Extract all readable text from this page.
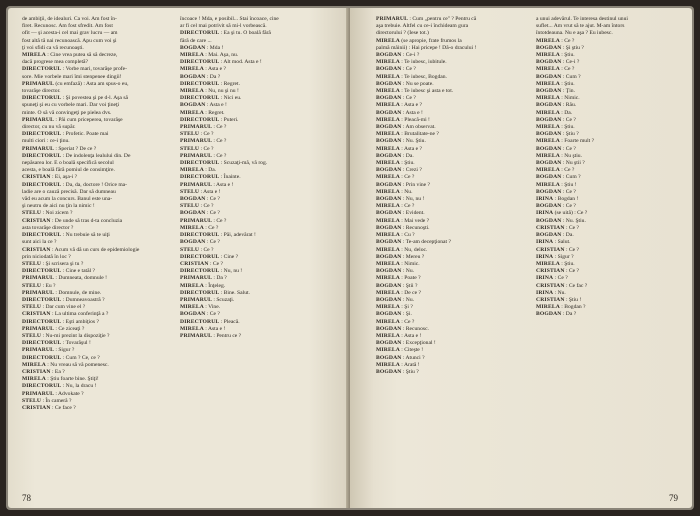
de ambiţii, de idealuri. Ca voi. Am fost în-

firet. Recunosc. Am fost sfredit. Am fost

ofit — şi acesta-i cel mai grav lucru — am

fost altă tă nai recunoască. Apu cum voi şi

ţi voi sfidi ca vă recunoaşti.

MIRELA : Cine vrea putea să să decreze,

dacă progrese mea completă?

DIRECTORUL : Vorbe mari, tovarăşe profe-

sore. Mie vorbele mari îmi stenpenee dingii!

PRIMARUL (cu emfază) : Asta am spus-o eu,

tovarăşe director.

DIRECTORUL : Şi povestea şi pe d-l. Aşa să

spuneţi şi eu cu vorbele mari. Dar voi ţineţi

minte. O să vă convingeţi pe pielea dvs.

PRIMARUL : Păi cum priceperea, tovarăşe

director, cu nu vă supăr.

DIRECTORUL : Profetic. Poate mai

multi ciori : ce-i ţinu.

PRIMARUL : Speriat ? De ce ?

DIRECTORUL : De indolenţa lealului din. De

nepăsarea lor. E o boală specifică secolul

acesta, e boală fără pomiul de consimţire.

CRISTIAN : Ei, aşa-i ?

DIRECTORUL : Da, da, doctore ! Orice ma-

ladie are o cauză precisă. Dar să dumneau

văd eu acum la concurs. Banul este una-

şi neutru de aici nu ţin la nimic !

STELU : Noi zicem ?

CRISTIAN : De unde să tras d-ta concluzia

asta tovarăşe director ?

DIRECTORUL : Nu trebuie să te uiţi

sunt aici la ce ?

CRISTIAN : Acum vă dă un curs de epidemiologie

prin niciodată în loc ?

STELU : Şi scrisera şi tu ?

DIRECTORUL : Cine e tatăl ?

PRIMARUL : Dumneata, domnule !

STELU : Eu ?

PRIMARUL : Domnule, de mine.

DIRECTORUL : Dumneavoastră ?

STELU : Dar cum vine el ?

CRISTIAN : La ultima conferinţă a ?

DIRECTORUL : Eşti ambiţios ?

PRIMARUL : Ce ziceaţi ?

STELU : Nu-mi prezint la dispoziţie ?

DIRECTORUL : Tovarăşul !

PRIMARUL : Sigur ?

DIRECTORUL : Cum ? Ce, ce ?

MIRELA : Nu vreau să vă pomenesc.

CRISTIAN : Ea ?

MIRELA : Ştiu foarte bine. Ştiţi!

DIRECTORUL : Nu, la dracu !

PRIMARUL : Advokate ?

STELU : În cameră ?

CRISTIAN : Ce face ?

încoace ! Mda, e posibil... Stai încoace, cine

ar fi cel mai potrivit să mi-l vorbească.

DIRECTORUL : Ea şi tu. O boală fără

fără de care ...

BOGDAN : Mda !

MIRELA : Mai. Aşa, nu.

DIRECTORUL : Alt mod. Asta e !

MIRELA : Asta e ?

BOGDAN : Da ?

DIRECTORUL : Regret.

MIRELA : Nu, nu şi nu !

DIRECTORUL : Nici eu.

BOGDAN : Asta e !

MIRELA : Regret.

DIRECTORUL : Puteri.

PRIMARUL : Ce ?

STELU : Ce ?

PRIMARUL : Ce ?

STELU : Ce ?

PRIMARUL : Ce ?

DIRECTORUL : Scuzaţi-mă, vă rog.

MIRELA : Da.

DIRECTORUL : Înainte.

PRIMARUL : Asta e !

STELU : Asta e !

BOGDAN : Ce ?

STELU : Ce ?

BOGDAN : Ce ?

PRIMARUL : Ce ?

MIRELA : Ce ?

DIRECTORUL : Păi, adevărat !

BOGDAN : Ce ?

STELU : Ce ?

DIRECTORUL : Cine ?

CRISTIAN : Ce ?

DIRECTORUL : Nu, nu !

PRIMARUL : Da ?

MIRELA : Înţeleg.

DIRECTORUL : Bine. Salut.

PRIMARUL : Scuzaţi.

MIRELA : Vine.

BOGDAN : Ce ?

DIRECTORUL : Pleacă.

MIRELA : Asta e !

PRIMARUL : Pentru ce ?

78

PRIMARUL : Cum „pentru ce" ? Pentru că

aşa trebuie. Altfel cu ce-i închideam gura

directorului ? (Iese tot.)

MIRELA (se apropie, frate frumos la

palmă mâinii) : Hai pricepe ! Dă-o dracului !

BOGDAN : Ce-i ?

MIRELA : Te iubesc, iubitule.

BOGDAN : Ce ?

MIRELA : Te iubesc, Bogdan.

BOGDAN : Nu se poate.

MIRELA : Te iubesc şi asta e tot.

BOGDAN : Ce ?

MIRELA : Asta e ?

BOGDAN : Asta e !

MIRELA : Pleacă-mi !

BOGDAN : Am observat.

MIRELA : Brutalitate-ne ?

BOGDAN : Nu. Ştiu.

MIRELA : Asta e ?

BOGDAN : Da.

MIRELA : Ştiu.

BOGDAN : Crezi ?

MIRELA : Ce ?

BOGDAN : Prin vine ?

MIRELA : Nu.

BOGDAN : Nu, nu !

MIRELA : Ce ?

BOGDAN : Evident.

MIRELA : Mai vede ?

BOGDAN : Recunoşti.

MIRELA : Cu ?

BOGDAN : Te-am decepţionat ?

MIRELA : Nu, deloc.

BOGDAN : Mereu ?

MIRELA : Nimic.

BOGDAN : Nu.

MIRELA : Poate ?

BOGDAN : Ştii ?

MIRELA : De ce ?

BOGDAN : Nu.

MIRELA : Şi ?

BOGDAN : Şi.

MIRELA : Ce ?

BOGDAN : Recunosc.

MIRELA : Asta e !

BOGDAN : Excepţional !

MIRELA : Citeşte !

BOGDAN : Atunci ?

MIRELA : Arată !

BOGDAN : Ştiu ?

a unui adevărul. Te interesa destinul unui

suflet... Am vrut să te ajut. M-am întors

întotdeauna. Nu e aşa ? Eu iubesc.

MIRELA : Ce ?

BOGDAN : Şi ştiu ?

MIRELA : Ştiu.

BOGDAN : Ce-i ?

MIRELA : Ce ?

BOGDAN : Cum ?

MIRELA : Ştiu.

BOGDAN : Ţin.

MIRELA : Nimic.

BOGDAN : Rău.

MIRELA : Da.

BOGDAN : Ce ?

MIRELA : Ştiu.

BOGDAN : Ştiu ?

MIRELA : Foarte mult ?

BOGDAN : Ce ?

MIRELA : Nu ştiu.

BOGDAN : Nu ştii ?

MIRELA : Ce ?

BOGDAN : Cum ?

MIRELA : Ştiu !

BOGDAN : Ce ?

IRINA : Bogdan !

BOGDAN : Ce ?

IRINA (se uită) : Ce ?

BOGDAN : Nu. Ştiu.

CRISTIAN : Ce ?

BOGDAN : Da.

IRINA : Salut.

CRISTIAN : Ce ?

IRINA : Sigur ?

MIRELA : Ştiu.

CRISTIAN : Ce ?

IRINA : Ce ?

CRISTIAN : Ce fac ?

IRINA : Nu.

CRISTIAN : Ştiu !

MIRELA : Bogdan ?

BOGDAN : Da ?

79
